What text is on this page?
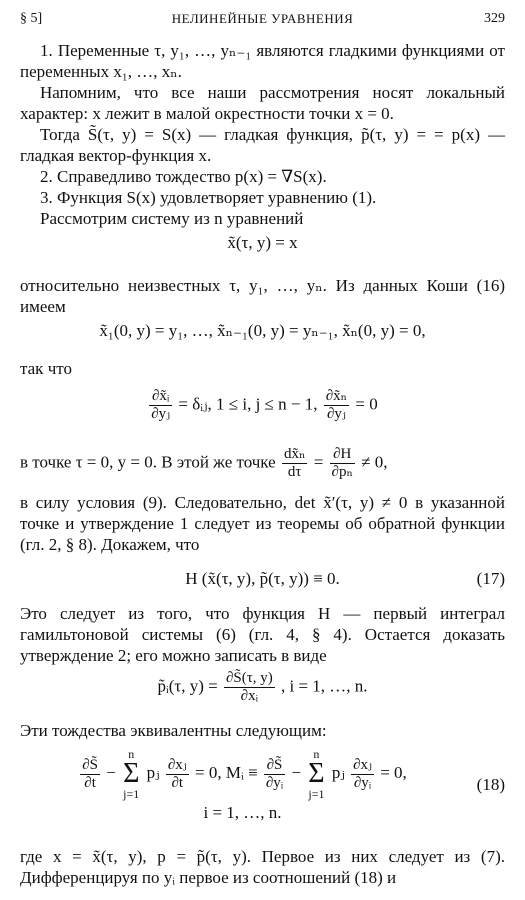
§ 5]	НЕЛИНЕЙНЫЕ УРАВНЕНИЯ	329

1. Переменные τ, y₁, …, yₙ₋₁ являются гладкими функциями от переменных x₁, …, xₙ.

Напомним, что все наши рассмотрения носят локальный характер: x лежит в малой окрестности точки x = 0.

Тогда S̃(τ, y) = S(x) — гладкая функция, p̃(τ, y) = = p(x) — гладкая вектор-функция x.

2. Справедливо тождество p(x) = ∇S(x).

3. Функция S(x) удовлетворяет уравнению (1).

Рассмотрим систему из n уравнений

x̃(τ, y) = x

относительно неизвестных τ, y₁, …, yₙ. Из данных Коши (16) имеем

x̃₁(0, y) = y₁, …, x̃ₙ₋₁(0, y) = yₙ₋₁, x̃ₙ(0, y) = 0,

так что

$\frac{\text{∂x̃ᵢ}}{\text{∂yⱼ}}$ = δᵢⱼ, 1 ≤ i, j ≤ n − 1, $\frac{\text{∂x̃ₙ}}{\text{∂yⱼ}} = 0$

в точке τ = 0, y = 0. В этой же точке $\frac{\text{dx̃ₙ}}{d\tau} = \frac{\partial H}{\text{∂pₙ}} \ne 0$,

в силу условия (9). Следовательно, det x̃′(τ, y) ≠ 0 в указанной точке и утверждение 1 следует из теоремы об обратной функции (гл. 2, § 8). Докажем, что

H (x̃(τ, y), p̃(τ, y)) ≡ 0.	(17)

Это следует из того, что функция H — первый интеграл гамильтоновой системы (6) (гл. 4, § 4). Остается доказать утверждение 2; его можно записать в виде

p̃ᵢ(τ, $y) = \frac{\partial S̃(\tau, y)}{\text{∂xᵢ}}$ , i = 1, …, n.

Эти тождества эквивалентны следующим:

$\frac{\partial S̃}{\partial t}$ −
n
Σ
j=1
pⱼ $\frac{\text{∂xⱼ}}{\partial t} = 0$, Mᵢ ≡ $\frac{\partial S̃}{\text{∂yᵢ}}$ −
n
Σ
j=1
pⱼ $\frac{\text{∂xⱼ}}{\text{∂yᵢ}} = 0$,
(18)
i = 1, …, n.

где x = x̃(τ, y), p = p̃(τ, y). Первое из них следует из (7). Дифференцируя по yᵢ первое из соотношений (18) и
